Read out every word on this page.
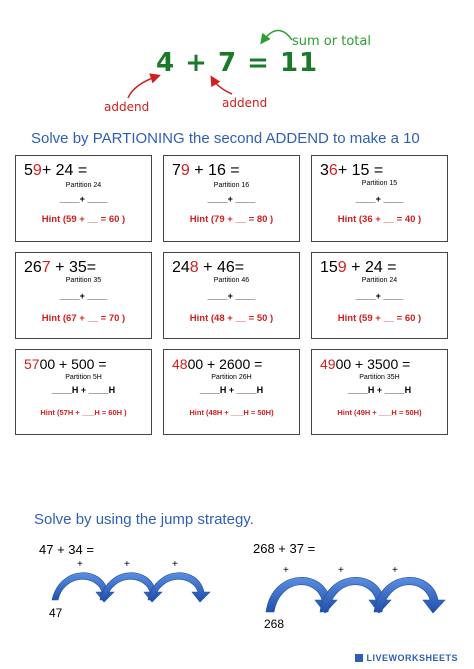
4 + 7 = 11
sum or total
addend	addend
Solve by PARTIONING the second ADDEND to make a 10
59+ 24 =
Partition 24
____+ ____
Hint (59 + __ = 60 )
79 + 16 =
Partition 16
____+ ____
Hint (79 + __ = 80 )
36+ 15 =
Partition 15
____+ ____
Hint (36 + __ = 40 )
267 + 35=
Partition 35
____+ ____
Hint (67 + __ = 70 )
248 + 46=
Partition 46
____+ ____
Hint (48 + __ = 50 )
159 + 24 =
Partition 24
____+ ____
Hint (59 + __ = 60 )
5700 + 500 =
Partition 5H
____H + ____H
Hint (57H + ___H = 60H )
4800 + 2600 =
Partition 26H
____H + ____H
Hint (48H + ___H = 50H)
4900 + 3500 =
Partition 35H
____H + ____H
Hint (49H + ___H = 50H)
Solve by using the jump strategy.
47 + 34 =
47
+	+	+
268 + 37 =
268
+	+	+
LIVEWORKSHEETS
